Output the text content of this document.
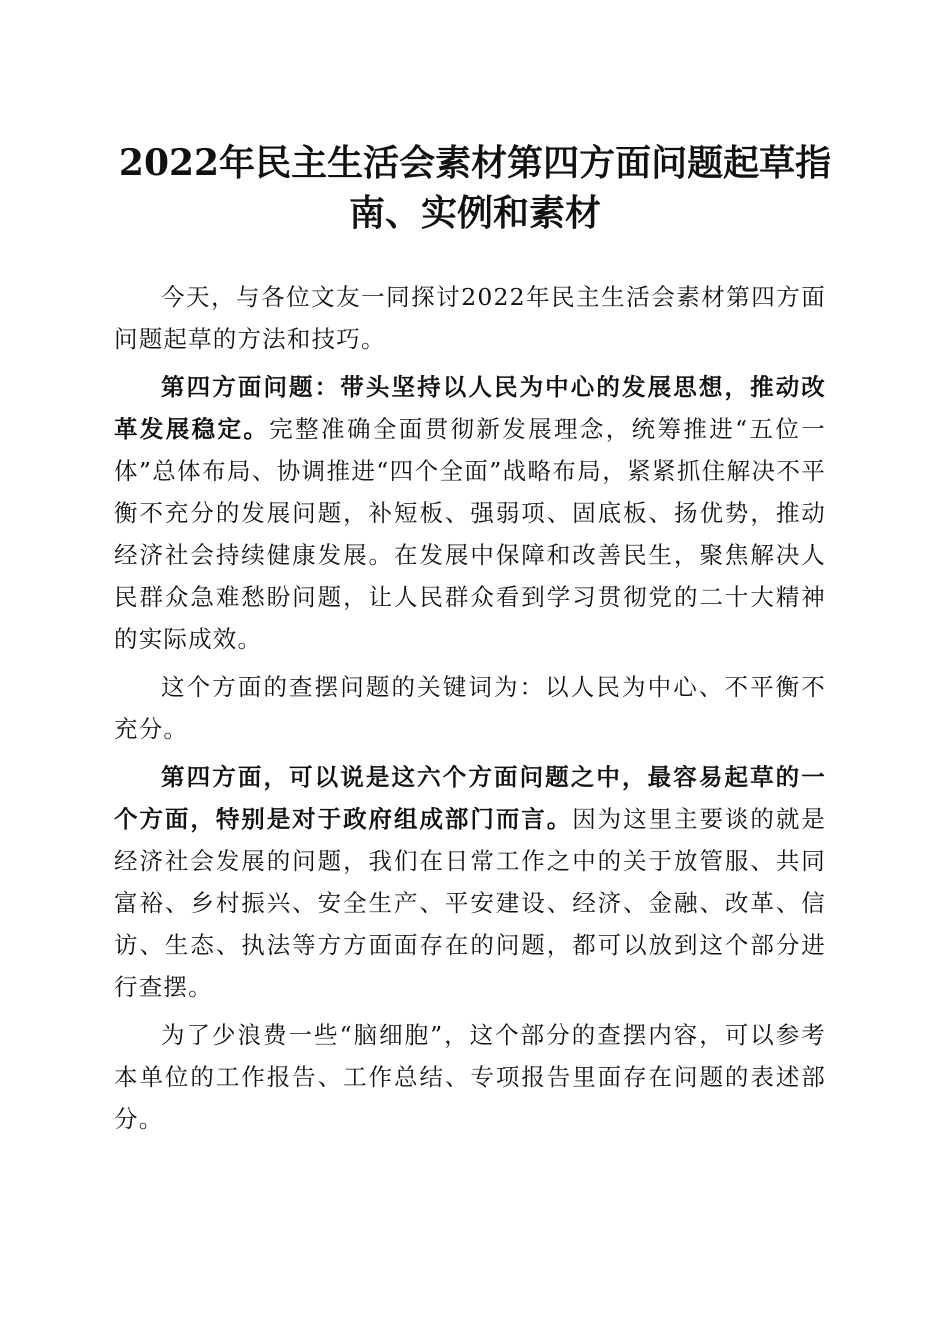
2022年民主生活会素材第四方面问题起草指
南、实例和素材

今天，与各位文友一同探讨2022年民主生活会素材第四方面问题起草的方法和技巧。

第四方面问题：带头坚持以人民为中心的发展思想，推动改革发展稳定。完整准确全面贯彻新发展理念，统筹推进“五位一体”总体布局、协调推进“四个全面”战略布局，紧紧抓住解决不平衡不充分的发展问题，补短板、强弱项、固底板、扬优势，推动经济社会持续健康发展。在发展中保障和改善民生，聚焦解决人民群众急难愁盼问题，让人民群众看到学习贯彻党的二十大精神的实际成效。

这个方面的查摆问题的关键词为：以人民为中心、不平衡不充分。

第四方面，可以说是这六个方面问题之中，最容易起草的一个方面，特别是对于政府组成部门而言。因为这里主要谈的就是经济社会发展的问题，我们在日常工作之中的关于放管服、共同富裕、乡村振兴、安全生产、平安建设、经济、金融、改革、信访、生态、执法等方方面面存在的问题，都可以放到这个部分进行查摆。

为了少浪费一些“脑细胞”，这个部分的查摆内容，可以参考本单位的工作报告、工作总结、专项报告里面存在问题的表述部分。
